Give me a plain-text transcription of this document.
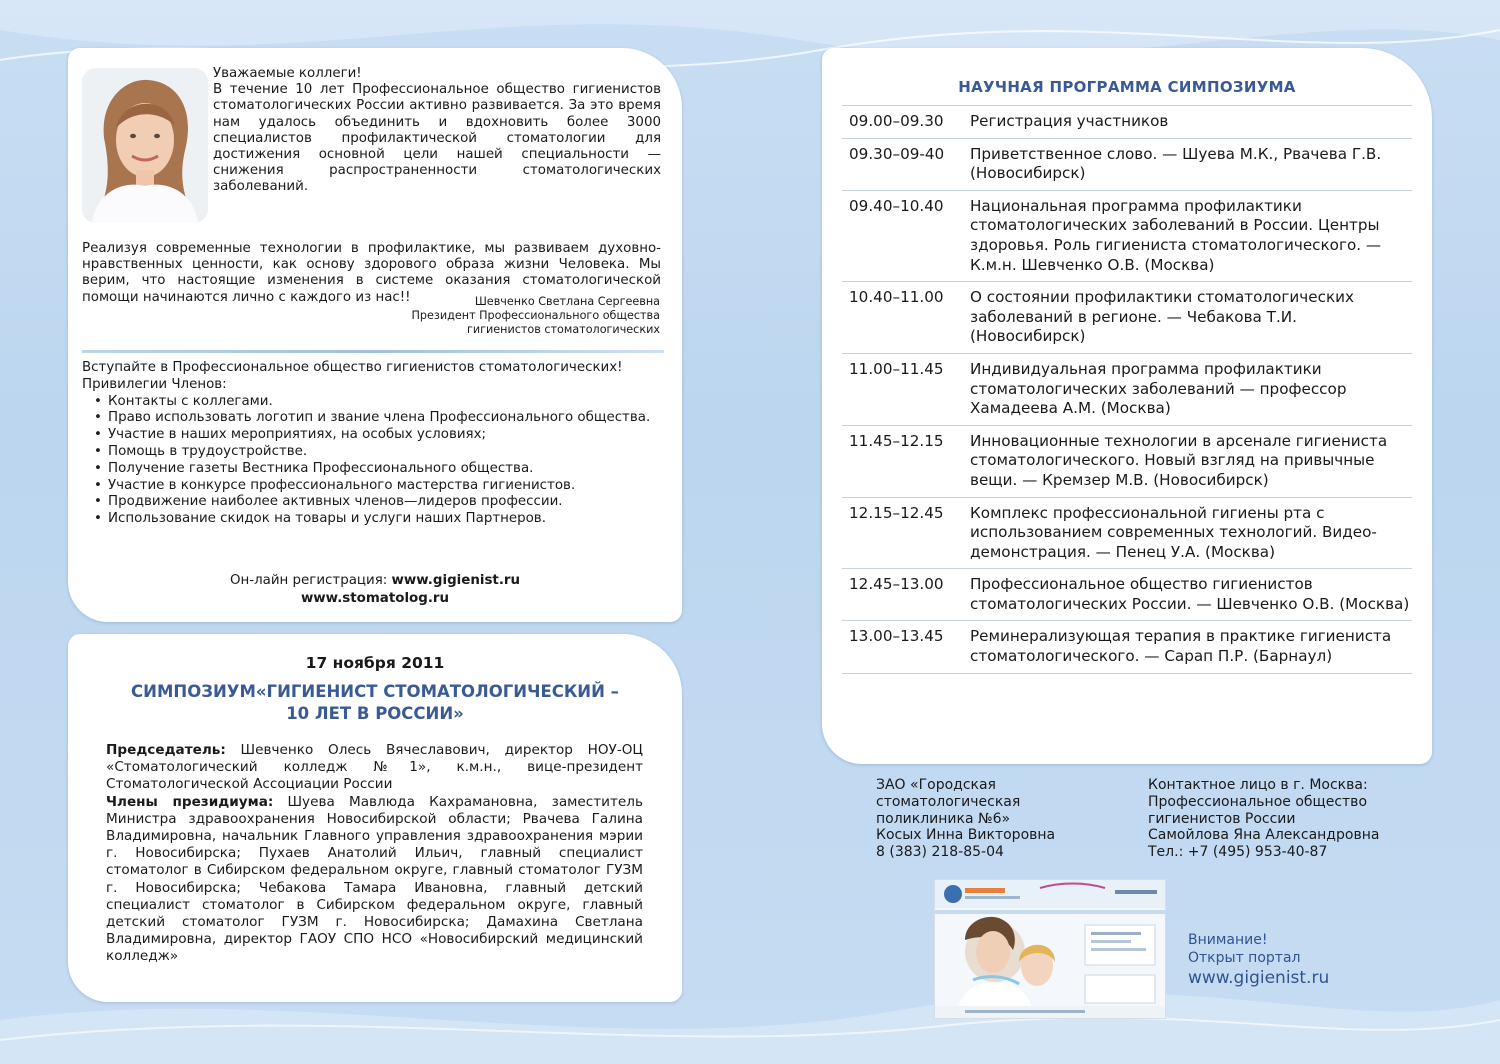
Уважаемые коллеги!
В течение 10 лет Профессиональное общество гигиенистов стоматологических России активно развивается. За это время нам удалось объединить и вдохновить более 3000 специалистов профилактической стоматологии для достижения основной цели нашей специальности — снижения распространенности стоматологических заболеваний.
Реализуя современные технологии в профилактике, мы развиваем духовно-нравственных ценности, как основу здорового образа жизни Человека. Мы верим, что настоящие изменения в системе оказания стоматологической помощи начинаются лично с каждого из нас!!	Шевченко Светлана Сергеевна
Президент Профессионального общества
гигиенистов стоматологических

Вступайте в Профессиональное общество гигиенистов стоматологических!

Привилегии Членов:
• Контакты с коллегами.
• Право использовать логотип и звание члена Профессионального общества.
• Участие в наших мероприятиях, на особых условиях;
• Помощь в трудоустройстве.
• Получение газеты Вестника Профессионального общества.
• Участие в конкурсе профессионального мастерства гигиенистов.
• Продвижение наиболее активных членов—лидеров профессии.
• Использование скидок на товары и услуги наших Партнеров.
Он-лайн регистрация: www.gigienist.ru
www.stomatolog.ru
17 ноября 2011
СИМПОЗИУМ«ГИГИЕНИСТ СТОМАТОЛОГИЧЕСКИЙ –
10 ЛЕТ В РОССИИ»
Председатель: Шевченко Олесь Вячеславович, директор НОУ-ОЦ «Стоматологический колледж №1», к.м.н., вице-президент Стоматологической Ассоциации России
Члены президиума: Шуева Мавлюда Кахрамановна, заместитель Министра здравоохранения Новосибирской области; Рвачева Галина Владимировна, начальник Главного управления здравоохранения мэрии г. Новосибирска; Пухаев Анатолий Ильич, главный специалист стоматолог в Сибирском федеральном округе, главный стоматолог ГУЗМ г. Новосибирска; Чебакова Тамара Ивановна, главный детский специалист стоматолог в Сибирском федеральном округе, главный детский стоматолог ГУЗМ г. Новосибирска; Дамахина Светлана Владимировна, директор ГАОУ СПО НСО «Новосибирский медицинский колледж»
НАУЧНАЯ ПРОГРАММА СИМПОЗИУМА
09.00–09.30	Регистрация участников
09.30–09-40	Приветственное слово. — Шуева М.К., Рвачева Г.В. (Новосибирск)
09.40–10.40	Национальная программа профилактики стоматологических заболеваний в России. Центры здоровья. Роль гигиениста стоматологического. — К.м.н. Шевченко О.В. (Москва)
10.40–11.00	О состоянии профилактики стоматологических заболеваний в регионе. — Чебакова Т.И. (Новосибирск)
11.00–11.45	Индивидуальная программа профилактики стоматологических заболеваний — профессор Хамадеева А.М. (Москва)
11.45–12.15	Инновационные технологии в арсенале гигиениста стоматологического. Новый взгляд на привычные вещи. — Кремзер М.В. (Новосибирск)
12.15–12.45	Комплекс профессиональной гигиены рта с использованием современных технологий. Видео-демонстрация. — Пенец У.А. (Москва)
12.45–13.00	Профессиональное общество гигиенистов стоматологических России. — Шевченко О.В. (Москва)
13.00–13.45	Реминерализующая терапия в практике гигиениста стоматологического. — Сарап П.Р. (Барнаул)
ЗАО «Городская
стоматологическая
поликлиника №6»
Косых Инна Викторовна
8 (383) 218-85-04
Контактное лицо в г. Москва:
Профессиональное общество
гигиенистов России
Самойлова Яна Александровна
Тел.: +7 (495) 953-40-87
Внимание!
Открыт портал
www.gigienist.ru
